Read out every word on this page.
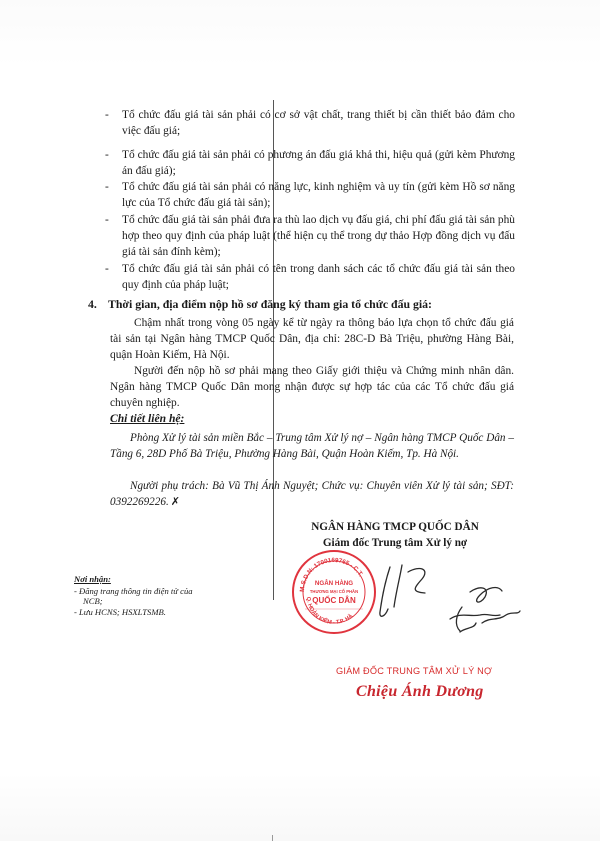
- Tổ chức đấu giá tài sản phải có cơ sở vật chất, trang thiết bị cần thiết bảo đảm cho việc đấu giá;
- Tổ chức đấu giá tài sản phải có phương án đấu giá khả thi, hiệu quả (gửi kèm Phương án đấu giá);
- Tổ chức đấu giá tài sản phải có năng lực, kinh nghiệm và uy tín (gửi kèm Hồ sơ năng lực của Tổ chức đấu giá tài sản);
- Tổ chức đấu giá tài sản phải đưa ra thù lao dịch vụ đấu giá, chi phí đấu giá tài sản phù hợp theo quy định của pháp luật (thể hiện cụ thể trong dự thảo Hợp đồng dịch vụ đấu giá tài sản đính kèm);
- Tổ chức đấu giá tài sản phải có tên trong danh sách các tổ chức đấu giá tài sản theo quy định của pháp luật;
4. Thời gian, địa điểm nộp hồ sơ đăng ký tham gia tổ chức đấu giá:
Chậm nhất trong vòng 05 ngày kể từ ngày ra thông báo lựa chọn tổ chức đấu giá tài sản tại Ngân hàng TMCP Quốc Dân, địa chỉ: 28C-D Bà Triệu, phường Hàng Bài, quận Hoàn Kiếm, Hà Nội.
Người đến nộp hồ sơ phải mang theo Giấy giới thiệu và Chứng minh nhân dân. Ngân hàng TMCP Quốc Dân mong nhận được sự hợp tác của các Tổ chức đấu giá chuyên nghiệp.
Chi tiết liên hệ:
Phòng Xử lý tài sản miền Bắc – Trung tâm Xử lý nợ – Ngân hàng TMCP Quốc Dân – Tầng 6, 28D Phố Bà Triệu, Phường Hàng Bài, Quận Hoàn Kiếm, Tp. Hà Nội.
Người phụ trách: Bà Vũ Thị Ánh Nguyệt; Chức vụ: Chuyên viên Xử lý tài sản; SĐT: 0392269226. ✗
NGÂN HÀNG TMCP QUỐC DÂN
Giám đốc Trung tâm Xử lý nợ
Nơi nhận:
- Đăng trang thông tin điện tử của
NCB;
- Lưu HCNS; HSXLTSMB.
M.S.D.N: 1700169765 - C.T.
Q. HOÀN KIẾM - T.P. HÀ
NGÂN HÀNG
THƯƠNG MẠI CỔ PHẦN
QUỐC DÂN
GIÁM ĐỐC TRUNG TÂM XỬ LÝ NỢ
Chiệu Ánh Dương
